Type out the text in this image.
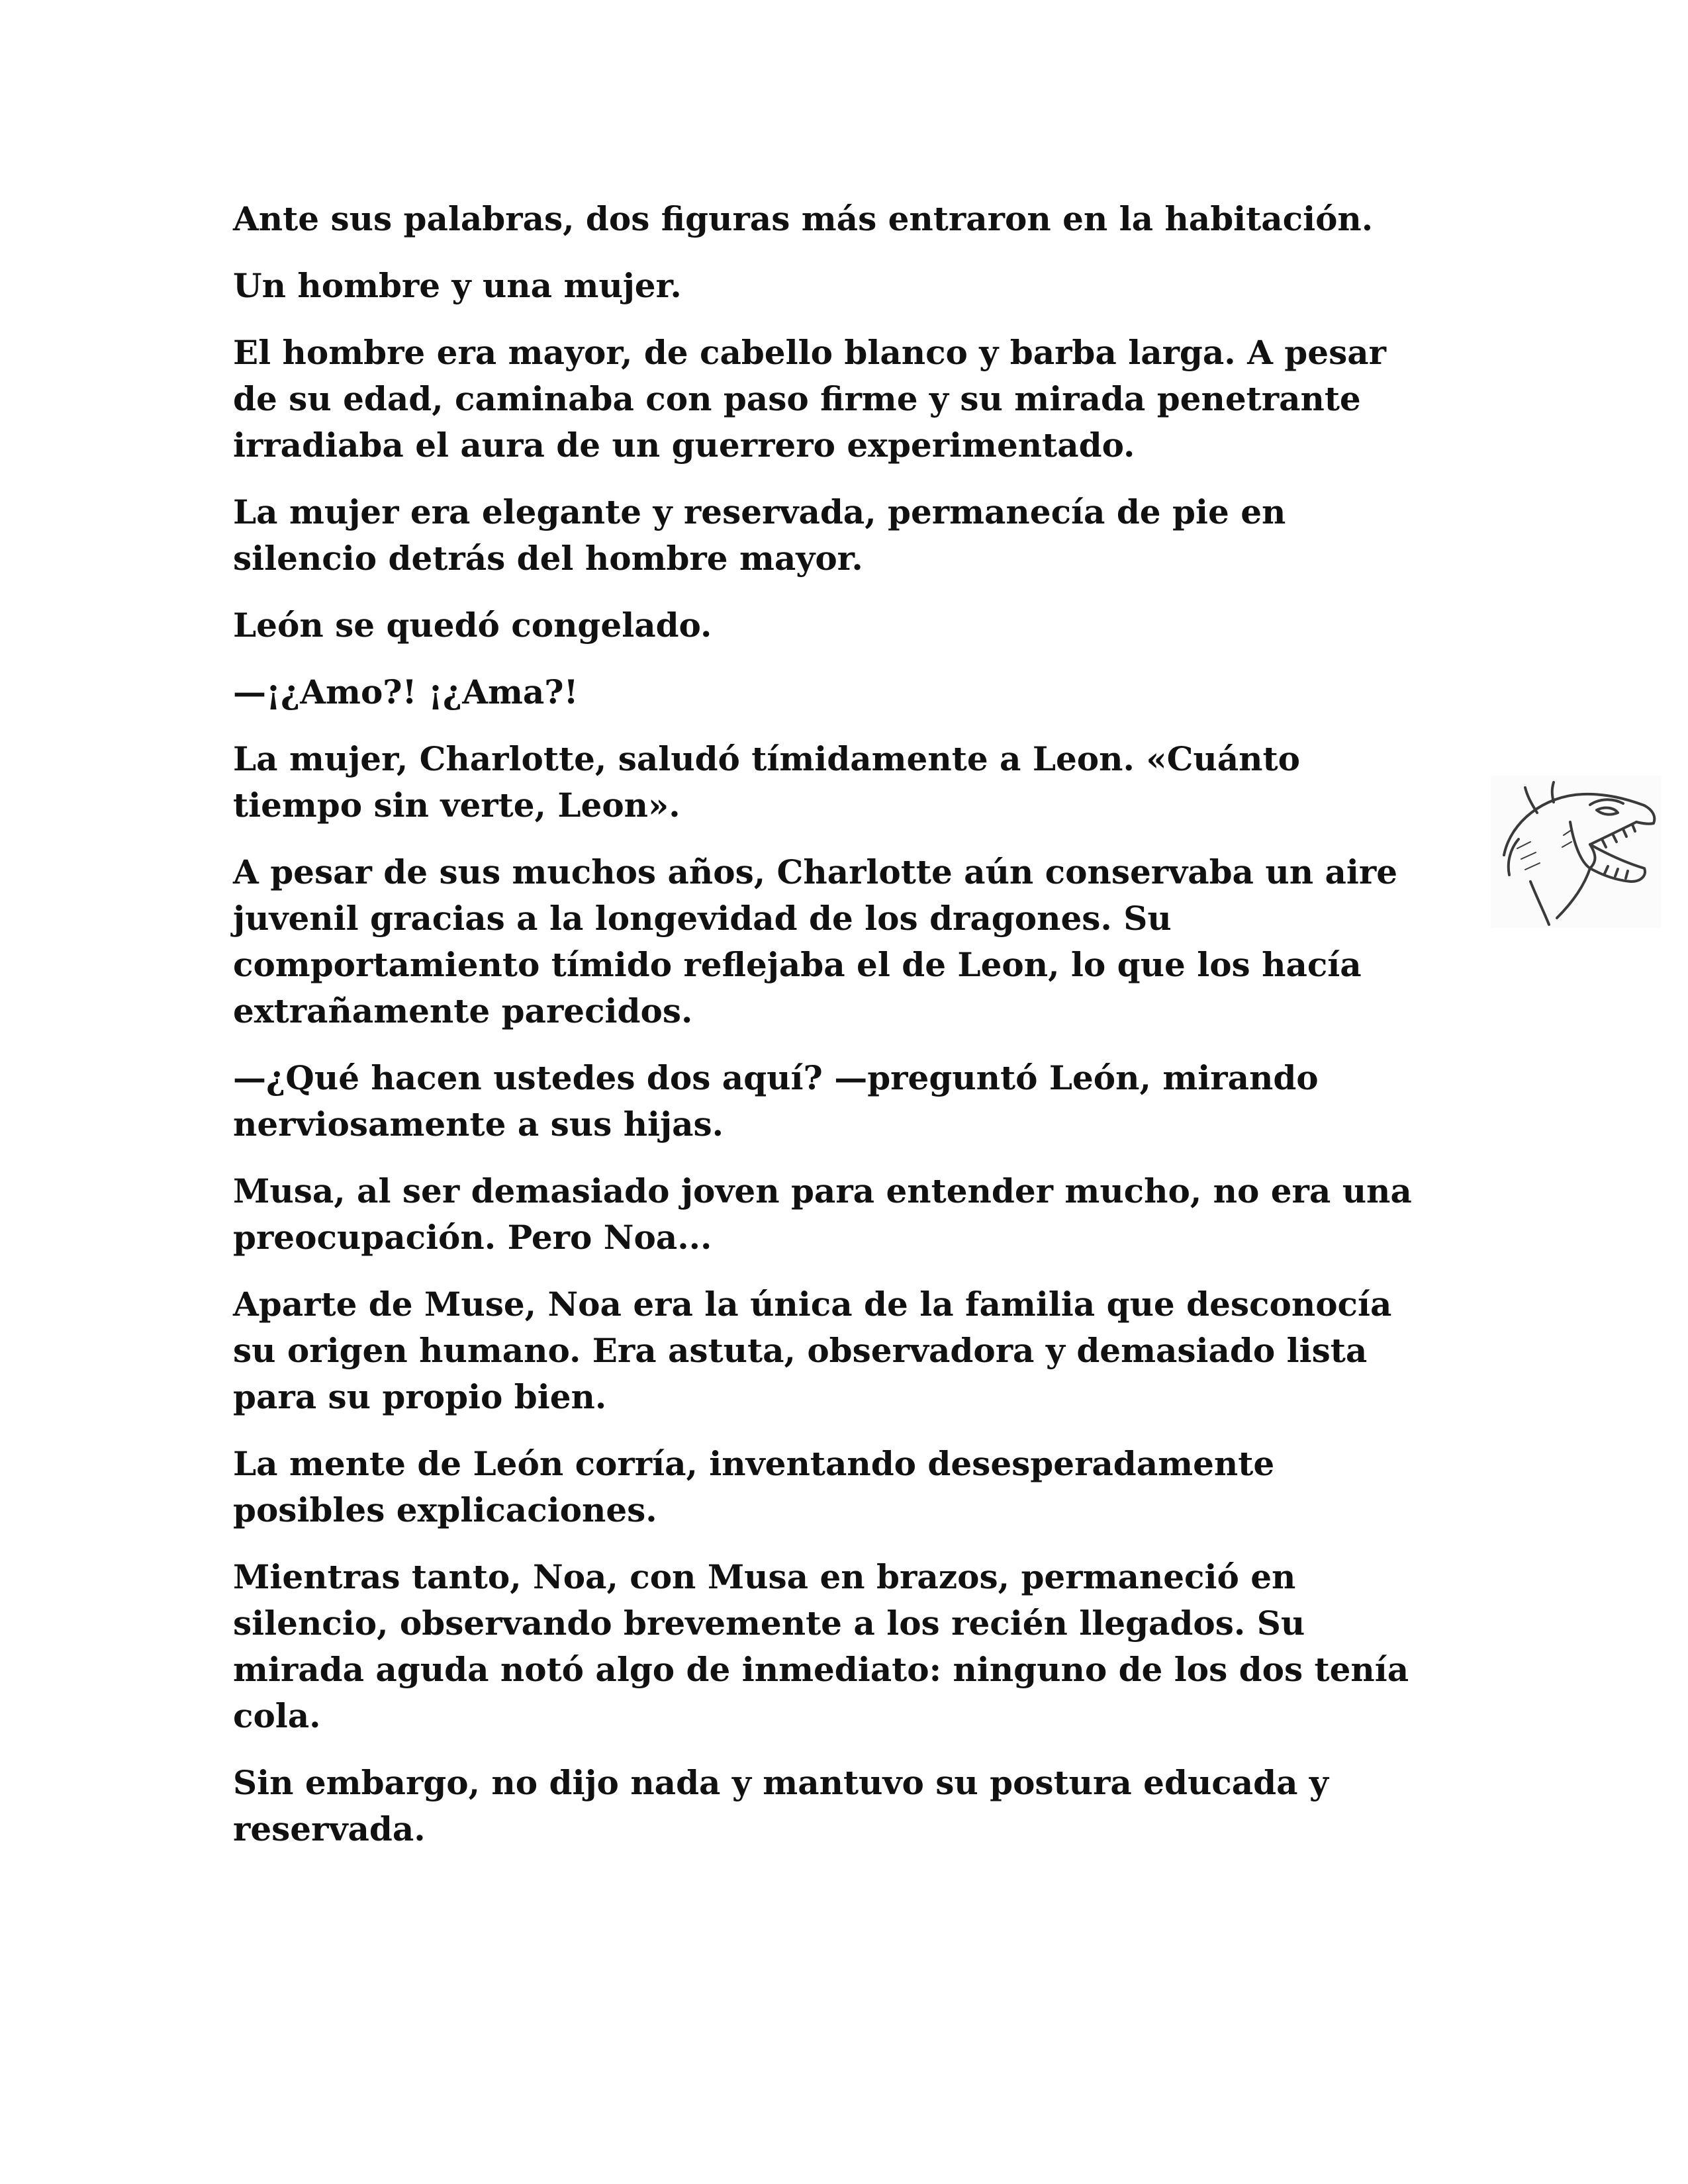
Ante sus palabras, dos figuras más entraron en la habitación.

Un hombre y una mujer.

El hombre era mayor, de cabello blanco y barba larga. A pesar
de su edad, caminaba con paso firme y su mirada penetrante
irradiaba el aura de un guerrero experimentado.

La mujer era elegante y reservada, permanecía de pie en
silencio detrás del hombre mayor.

León se quedó congelado.

—¡¿Amo?! ¡¿Ama?!

La mujer, Charlotte, saludó tímidamente a Leon. «Cuánto
tiempo sin verte, Leon».

A pesar de sus muchos años, Charlotte aún conservaba un aire
juvenil gracias a la longevidad de los dragones. Su
comportamiento tímido reflejaba el de Leon, lo que los hacía
extrañamente parecidos.

—¿Qué hacen ustedes dos aquí? —preguntó León, mirando
nerviosamente a sus hijas.

Musa, al ser demasiado joven para entender mucho, no era una
preocupación. Pero Noa...

Aparte de Muse, Noa era la única de la familia que desconocía
su origen humano. Era astuta, observadora y demasiado lista
para su propio bien.

La mente de León corría, inventando desesperadamente
posibles explicaciones.

Mientras tanto, Noa, con Musa en brazos, permaneció en
silencio, observando brevemente a los recién llegados. Su
mirada aguda notó algo de inmediato: ninguno de los dos tenía
cola.

Sin embargo, no dijo nada y mantuvo su postura educada y
reservada.
